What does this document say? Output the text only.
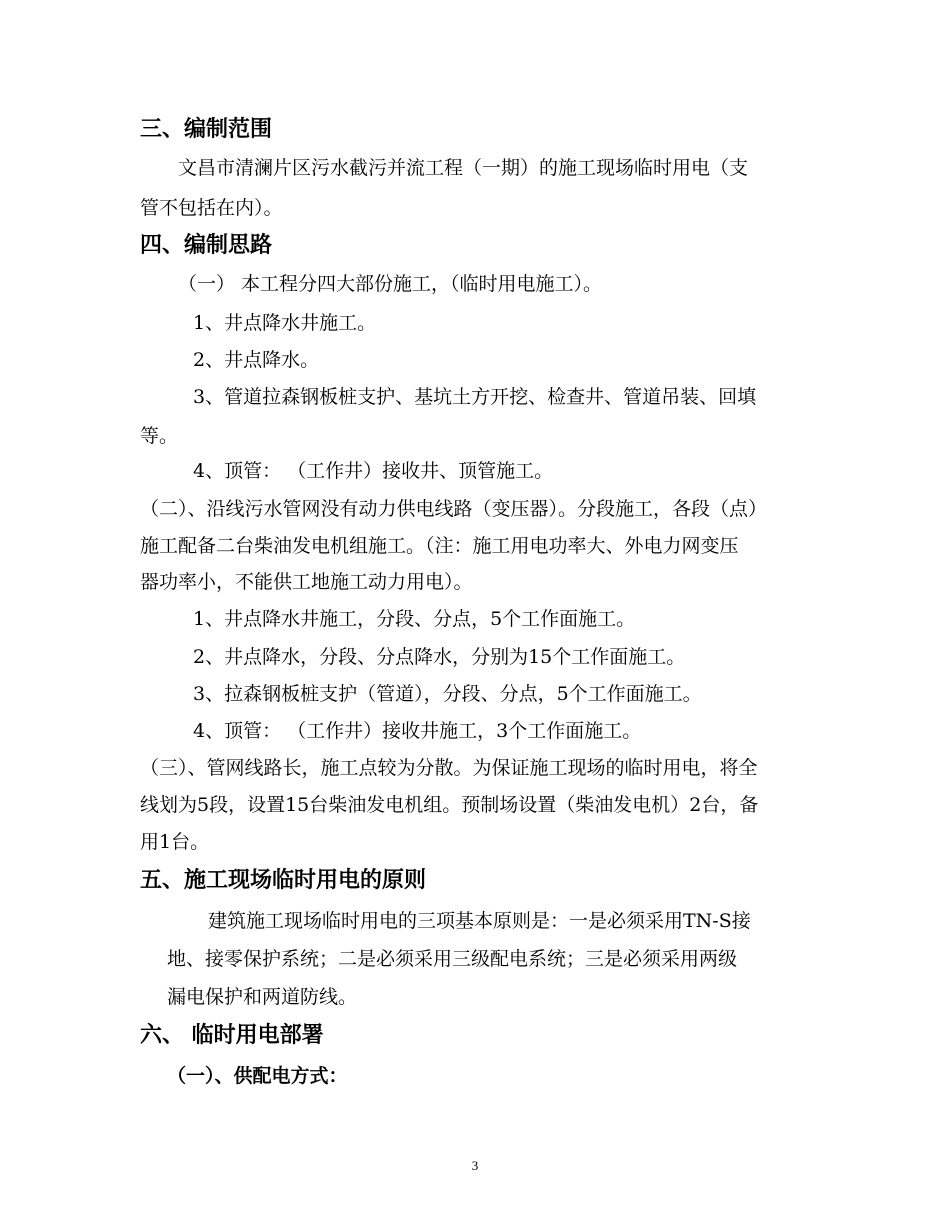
三、编制范围
文昌市清澜片区污水截污并流工程（一期）的施工现场临时用电（支
管不包括在内）。
四、编制思路
（一） 本工程分四大部份施工，（临时用电施工）。
1、井点降水井施工。
2、井点降水。
3、管道拉森钢板桩支护、基坑土方开挖、检查井、管道吊装、回填
等。
4、顶管： （工作井）接收井、顶管施工。
（二）、沿线污水管网没有动力供电线路（变压器）。分段施工，各段（点）
施工配备二台柴油发电机组施工。（注：施工用电功率大、外电力网变压
器功率小，不能供工地施工动力用电）。
1、井点降水井施工，分段、分点，5个工作面施工。
2、井点降水，分段、分点降水，分别为15个工作面施工。
3、拉森钢板桩支护（管道），分段、分点，5个工作面施工。
4、顶管： （工作井）接收井施工，3个工作面施工。
（三）、管网线路长，施工点较为分散。为保证施工现场的临时用电，将全
线划为5段，设置15台柴油发电机组。预制场设置（柴油发电机）2台，备
用1台。
五、施工现场临时用电的原则
建筑施工现场临时用电的三项基本原则是：一是必须采用TN-S接
地、接零保护系统；二是必须采用三级配电系统；三是必须采用两级
漏电保护和两道防线。
六、 临时用电部署
（一）、供配电方式：
3
